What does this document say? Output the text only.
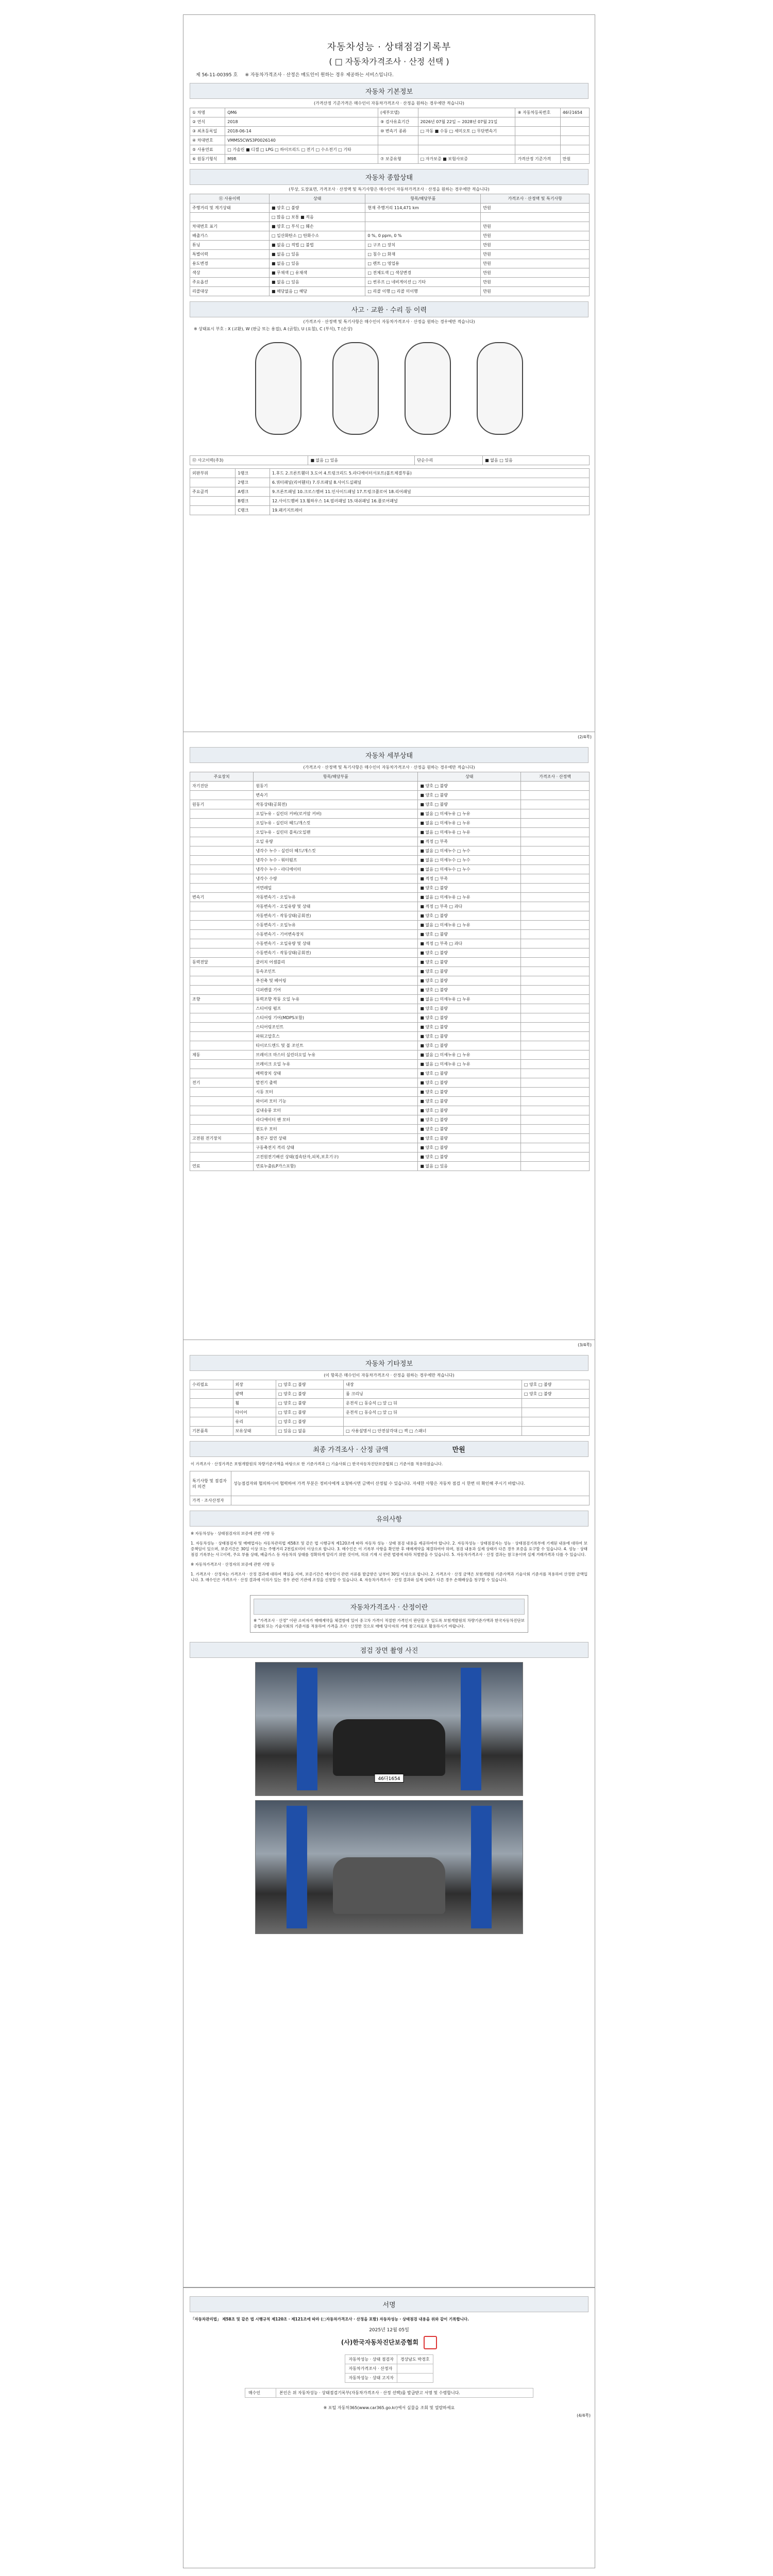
자동차성능 · 상태점검기록부
( □ 자동차가격조사 · 산정 선택 )
제 56-11-00395 호 ※ 자동차가격조사 · 산정은 매도인이 원하는 경우 제공하는 서비스입니다.
자동차 기본정보
(가격산정 기준가격은 매수인이 자동차가격조사 · 산정을 원하는 경우에만 적습니다)
① 차명	QM6	(세부모델)		⑧ 자동차등록번호	46다1654
② 연식	2018	⑨ 검사유효기간	2026년 07월 22일 ~ 2028년 07월 21일		
③ 최초등록일	2018-06-14	⑩ 변속기 종류	□ 자동 ■ 수동 □ 세미오토 □ 무단변속기		
④ 차대번호	VMMS5CWS3P0026140				
⑤ 사용연료	□ 가솔린 ■ 디젤 □ LPG □ 하이브리드 □ 전기 □ 수소전기 □ 기타				
⑥ 원동기형식	M9R	⑦ 보증유형	□ 자가보증 ■ 보험사보증	가격산정 기준가격	만원
자동차 종합상태
(부상, 도장표면, 가격조사 · 산정액 및 특기사항은 매수인이 자동차가격조사 · 산정을 원하는 경우에만 적습니다)
⑪ 사용이력	상태	항목/해당부품	가격조사 · 산정액 및 특기사항
주행거리 및 계기상태	■ 양호 □ 불량	현재 주행거리 114,471 km	만원
	□ 많음 □ 보통 ■ 적음		
차대번호 표기	■ 양호 □ 부식 □ 훼손		만원
배출가스	□ 일산화탄소 □ 탄화수소	0 %, 0 ppm, 0 %	만원
튜닝	■ 없음 □ 적법 □ 불법	□ 구조 □ 장치	만원
특별이력	■ 없음 □ 있음	□ 침수 □ 화재	만원
용도변경	■ 없음 □ 있음	□ 렌트 □ 영업용	만원
색상	■ 무채색 □ 유채색	□ 전체도색 □ 색상변경	만원
주요옵션	■ 없음 □ 있음	□ 썬루프 □ 네비게이션 □ 기타	만원
리콜대상	■ 해당없음 □ 해당	□ 리콜 이행 □ 리콜 미이행	만원
사고 · 교환 · 수리 등 이력
(가격조사 · 산정액 및 특기사항은 매수인이 자동차가격조사 · 산정을 원하는 경우에만 적습니다)
※ 상태표시 부호 : X (교환), W (판금 또는 용접), A (긁힘), U (요철), C (부식), T (손상)
⑫ 사고이력(주3)	■ 없음 □ 있음	단순수리	■ 없음 □ 있음
외판부위	1랭크	1.후드 2.프론트휀더 3.도어 4.트렁크리드 5.라디에이터서포트(볼트체결부품)
	2랭크	6.쿼터패널(리어휀더) 7.루프패널 8.사이드실패널
주요골격	A랭크	9.프론트패널 10.크로스멤버 11.인사이드패널 17.트렁크플로어 18.리어패널
	B랭크	12.사이드멤버 13.휠하우스 14.필러패널 15.대쉬패널 16.플로어패널
	C랭크	19.패키지트레이
(2/4쪽)
자동차 세부상태
(가격조사 · 산정액 및 특기사항은 매수인이 자동차가격조사 · 산정을 원하는 경우에만 적습니다)
주요장치	항목/해당부품	상태	가격조사 · 산정액
자기진단	원동기	■ 양호 □ 불량	
	변속기	■ 양호 □ 불량	
원동기	작동상태(공회전)	■ 양호 □ 불량	
	오일누유 - 실린더 커버(로커암 커버)	■ 없음 □ 미세누유 □ 누유	
	오일누유 - 실린더 헤드/개스킷	■ 없음 □ 미세누유 □ 누유	
	오일누유 - 실린더 블록/오일팬	■ 없음 □ 미세누유 □ 누유	
	오일 유량	■ 적정 □ 부족	
	냉각수 누수 - 실린더 헤드/개스킷	■ 없음 □ 미세누수 □ 누수	
	냉각수 누수 - 워터펌프	■ 없음 □ 미세누수 □ 누수	
	냉각수 누수 - 라디에이터	■ 없음 □ 미세누수 □ 누수	
	냉각수 수량	■ 적정 □ 부족	
	커먼레일	■ 양호 □ 불량	
변속기	자동변속기 - 오일누유	■ 없음 □ 미세누유 □ 누유	
	자동변속기 - 오일유량 및 상태	■ 적정 □ 부족 □ 과다	
	자동변속기 - 작동상태(공회전)	■ 양호 □ 불량	
	수동변속기 - 오일누유	■ 없음 □ 미세누유 □ 누유	
	수동변속기 - 기어변속장치	■ 양호 □ 불량	
	수동변속기 - 오일유량 및 상태	■ 적정 □ 부족 □ 과다	
	수동변속기 - 작동상태(공회전)	■ 양호 □ 불량	
동력전달	클러치 어셈블리	■ 양호 □ 불량	
	등속조인트	■ 양호 □ 불량	
	추진축 및 베어링	■ 양호 □ 불량	
	디퍼렌셜 기어	■ 양호 □ 불량	
조향	동력조향 작동 오일 누유	■ 없음 □ 미세누유 □ 누유	
	스티어링 펌프	■ 양호 □ 불량	
	스티어링 기어(MDPS포함)	■ 양호 □ 불량	
	스티어링조인트	■ 양호 □ 불량	
	파워고압호스	■ 양호 □ 불량	
	타이로드엔드 및 볼 조인트	■ 양호 □ 불량	
제동	브레이크 마스터 실린더오일 누유	■ 없음 □ 미세누유 □ 누유	
	브레이크 오일 누유	■ 없음 □ 미세누유 □ 누유	
	배력장치 상태	■ 양호 □ 불량	
전기	발전기 출력	■ 양호 □ 불량	
	시동 모터	■ 양호 □ 불량	
	와이퍼 모터 기능	■ 양호 □ 불량	
	실내송풍 모터	■ 양호 □ 불량	
	라디에이터 팬 모터	■ 양호 □ 불량	
	윈도우 모터	■ 양호 □ 불량	
고전원 전기장치	충전구 절연 상태	■ 양호 □ 불량	
	구동축전지 격리 상태	■ 양호 □ 불량	
	고전원전기배선 상태(접속단자,피복,보호기구)	■ 양호 □ 불량	
연료	연료누출(LP가스포함)	■ 없음 □ 있음	
(3/4쪽)
자동차 기타정보
(이 항목은 매수인이 자동차가격조사 · 산정을 원하는 경우에만 적습니다)
수리필요	외장	□ 양호 □ 불량	내장	□ 양호 □ 불량
	광택	□ 양호 □ 불량	룸 크리닝	□ 양호 □ 불량
	휠	□ 양호 □ 불량	운전석 □ 동승석 □ 앞 □ 뒤	
	타이어	□ 양호 □ 불량	운전석 □ 동승석 □ 앞 □ 뒤	
	유리	□ 양호 □ 불량		
기본품목	보유상태	□ 있음 □ 없음	□ 사용설명서 □ 안전삼각대 □ 잭 □ 스패너	
최종 가격조사 · 산정 금액	만원
이 가격조사 · 산정가격은 보험개발원의 차량기준가액을 바탕으로 한 기준가격과 □ 기술사회 □ 한국자동차진단보증협회 □ 기준서를 적용하였습니다.
특기사항 및 점검자의 의견	성능점검자와 협의하시어 협력하여 가격 부분은 정비사에게 요청하시면 금액이 산정될 수 있습니다. 자세한 사항은 자동차 점검 시 한번 더 확인해 주시기 바랍니다.
가격 · 조사산정자	
유의사항
※ 자동차성능 · 상태점검자의 보증에 관한 사항 등
1. 자동차성능 · 상태점검자 및 매매업자는 자동차관리법 제58조 및 같은 법 시행규칙 제120조에 따라 자동차 성능 · 상태 점검 내용을 제공하여야 합니다. 2. 자동차성능 · 상태점검자는 성능 · 상태점검기록부에 기재된 내용에 대하여 보증책임이 있으며, 보증기간은 30일 이상 또는 주행거리 2천킬로미터 이상으로 합니다. 3. 매수인은 이 기록부 사항을 확인한 후 매매계약을 체결하여야 하며, 점검 내용과 실제 상태가 다른 경우 보증을 요구할 수 있습니다. 4. 성능 · 상태점검 기록부는 사고이력, 주요 부품 상태, 배출가스 등 자동차의 상태를 정확하게 알리기 위한 것이며, 허위 기재 시 관련 법령에 따라 처벌받을 수 있습니다. 5. 자동차가격조사 · 산정 결과는 참고용이며 실제 거래가격과 다를 수 있습니다.
※ 자동차가격조사 · 산정자의 보증에 관한 사항 등
1. 가격조사 · 산정자는 가격조사 · 산정 결과에 대하여 책임을 지며, 보증기간은 매수인이 관련 서류를 발급받은 날부터 30일 이상으로 합니다. 2. 가격조사 · 산정 금액은 보험개발원 기준가액과 기술사회 기준서를 적용하여 산정한 금액입니다. 3. 매수인은 가격조사 · 산정 결과에 이의가 있는 경우 관련 기관에 조정을 신청할 수 있습니다. 4. 자동차가격조사 · 산정 결과와 실제 상태가 다른 경우 손해배상을 청구할 수 있습니다.
자동차가격조사 · 산정이란
※ "가격조사 · 산정" 이란 소비자가 매매계약을 체결함에 있어 중고차 가격이 적절한 가격인지 판단할 수 있도록 보험개발원의 차량기준가액과 한국자동차진단보증협회 또는 기술사회의 기준서를 적용하여 가격을 조사 · 산정한 것으로 매매 당사자의 거래 참고자료로 활용하시기 바랍니다.
점검 장면 촬영 사진
46다1654
서명
「자동차관리법」 제58조 및 같은 법 시행규칙 제120조 · 제121조에 따라 (□자동차가격조사 · 산정을 포함) 자동차성능 · 상태점검 내용을 위와 같이 기록합니다.
2025년 12월 05일
(사)한국자동차진단보증협회
자동차성능 · 상태 점검자	경상남도 박경호
자동차가격조사 · 산정자	
자동차성능 · 상태 고지자	
매수인	본인은 위 자동차성능 · 상태점검기록부(자동차가격조사 · 산정 선택)를 발급받고 서명 및 수령합니다.
※ 포털 자동차365(www.car365.go.kr)에서 실물을 조회 및 열람하세요
(4/4쪽)
